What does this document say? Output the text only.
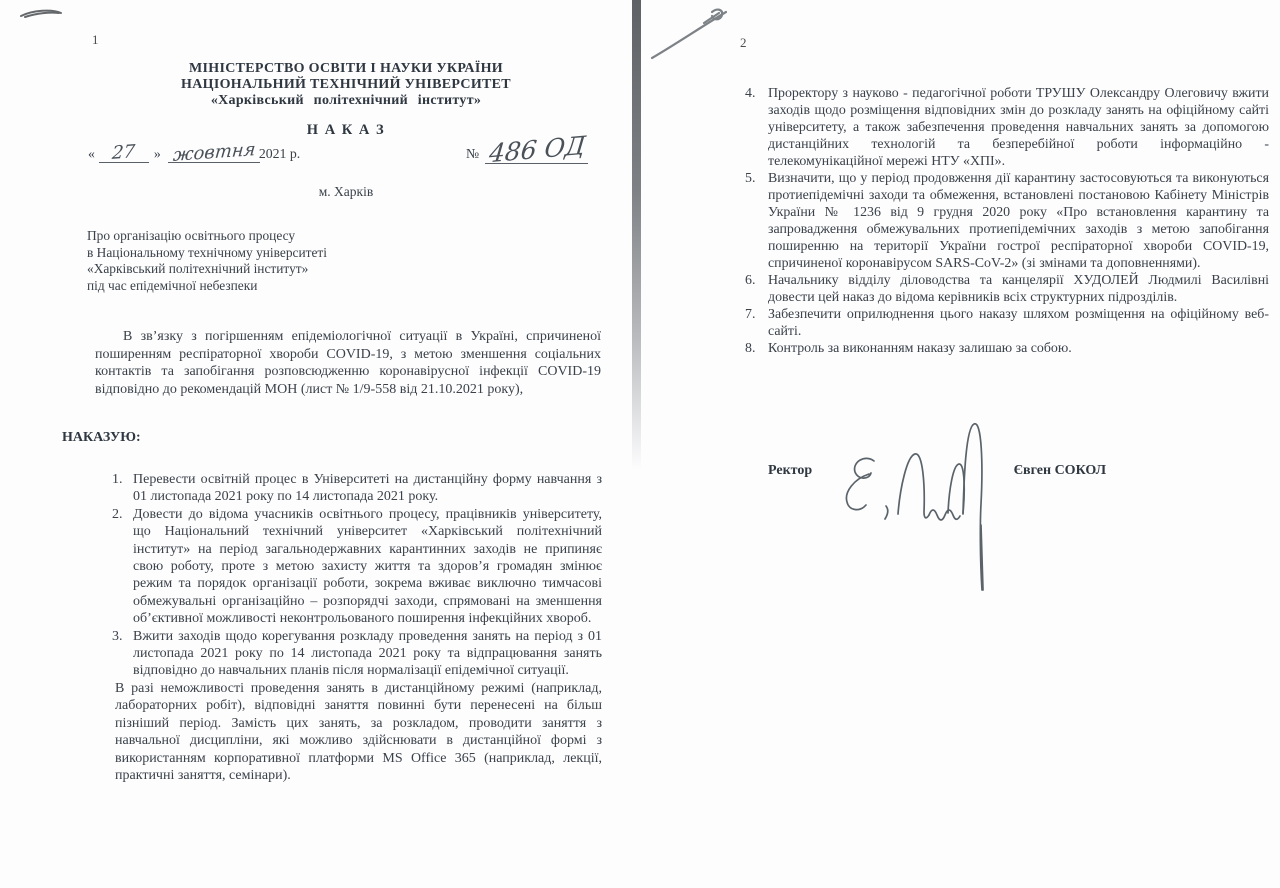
1
МІНІСТЕРСТВО ОСВІТИ І НАУКИ УКРАЇНИ
НАЦІОНАЛЬНИЙ ТЕХНІЧНИЙ УНІВЕРСИТЕТ
«Харківський політехнічний інститут»
Н А К А З
« 27 » жовтня 2021 р.	№ 486 ОД
м. Харків
Про організацію освітнього процесу
в Національному технічному університеті
«Харківський політехнічний інститут»
під час епідемічної небезпеки

В зв’язку з погіршенням епідеміологічної ситуації в Україні, спричиненої поширенням респіраторної хвороби COVID-19, з метою зменшення соціальних контактів та запобігання розповсюдженню коронавірусної інфекції COVID-19 відповідно до рекомендацій МОН (лист № 1/9-558 від 21.10.2021 року),

НАКАЗУЮ:
1. Перевести освітній процес в Університеті на дистанційну форму навчання з 01 листопада 2021 року по 14 листопада 2021 року.
2. Довести до відома учасників освітнього процесу, працівників університету, що Національний технічний університет «Харківський політехнічний інститут» на період загальнодержавних карантинних заходів не припиняє свою роботу, проте з метою захисту життя та здоров’я громадян змінює режим та порядок організації роботи, зокрема вживає виключно тимчасові обмежувальні організаційно – розпорядчі заходи, спрямовані на зменшення об’єктивної можливості неконтрольованого поширення інфекційних хвороб.
3. Вжити заходів щодо корегування розкладу проведення занять на період з 01 листопада 2021 року по 14 листопада 2021 року та відпрацювання занять відповідно до навчальних планів після нормалізації епідемічної ситуації.
В разі неможливості проведення занять в дистанційному режимі (наприклад, лабораторних робіт), відповідні заняття повинні бути перенесені на більш пізніший період. Замість цих занять, за розкладом, проводити заняття з навчальної дисципліни, які можливо здійснювати в дистанційної формі з використанням корпоративної платформи MS Office 365 (наприклад, лекції, практичні заняття, семінари).
2
4. Проректору з науково - педагогічної роботи ТРУШУ Олександру Олеговичу вжити заходів щодо розміщення відповідних змін до розкладу занять на офіційному сайті університету, а також забезпечення проведення навчальних занять за допомогою дистанційних технологій та безперебійної роботи інформаційно - телекомунікаційної мережі НТУ «ХПІ».
5. Визначити, що у період продовження дії карантину застосовуються та виконуються протиепідемічні заходи та обмеження, встановлені постановою Кабінету Міністрів України № 1236 від 9 грудня 2020 року «Про встановлення карантину та запровадження обмежувальних протиепідемічних заходів з метою запобігання поширенню на території України гострої респіраторної хвороби COVID-19, спричиненої коронавірусом SARS-CoV-2» (зі змінами та доповненнями).
6. Начальнику відділу діловодства та канцелярії ХУДОЛЕЙ Людмилі Василівні довести цей наказ до відома керівників всіх структурних підрозділів.
7. Забезпечити оприлюднення цього наказу шляхом розміщення на офіційному веб-сайті.
8. Контроль за виконанням наказу залишаю за собою.
Ректор	Євген СОКОЛ
